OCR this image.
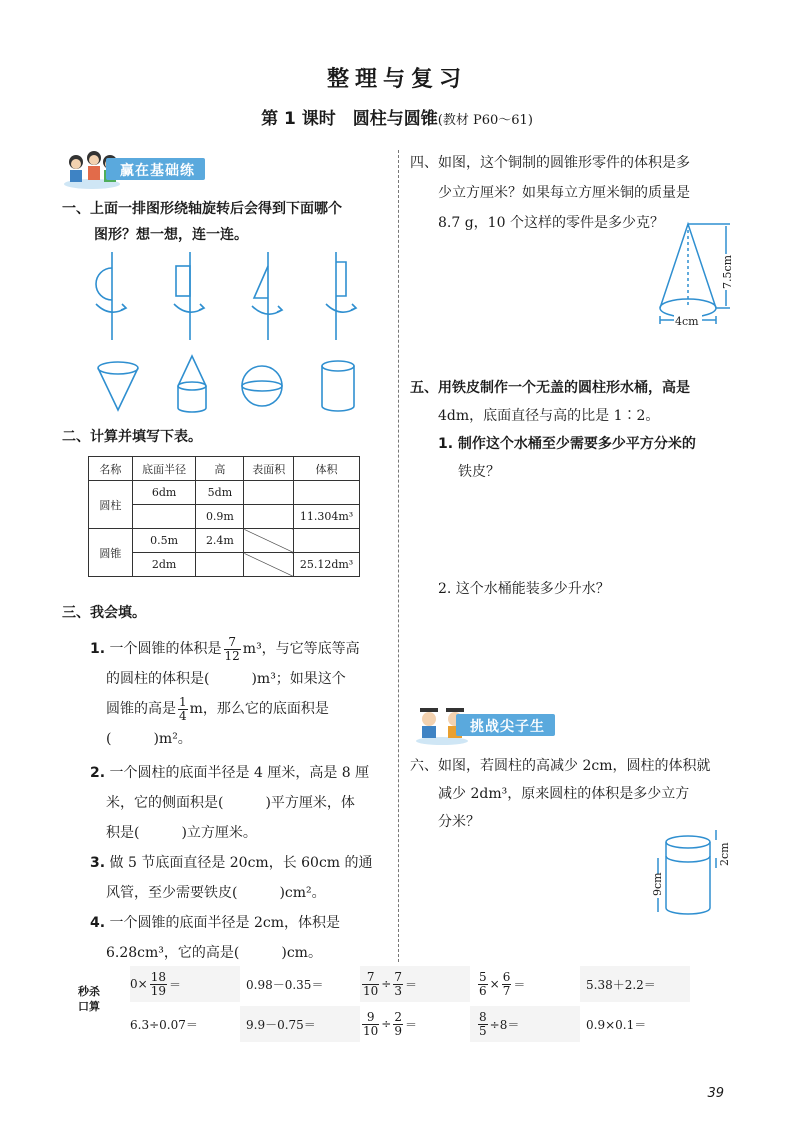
整理与复习
第 1 课时　圆柱与圆锥(教材 P60～61)
赢在基础练
一、上面一排图形绕轴旋转后会得到下面哪个
图形？想一想，连一连。
二、计算并填写下表。
名称	底面半径	高	表面积	体积
圆柱	6dm	5dm		
		0.9m		11.304m³
圆锥	0.5m	2.4m		
	2dm			25.12dm³
三、我会填。
1. 一个圆锥的体积是 $\frac{7}{12} m^3$，与它等底等高
的圆柱的体积是(　　　)m³；如果这个
圆锥的高是 $\frac{1}{4}$ m，那么它的底面积是
(　　　)m²。
2. 一个圆柱的底面半径是 4 厘米，高是 8 厘
米，它的侧面积是(　　　)平方厘米，体
积是(　　　)立方厘米。
3. 做 5 节底面直径是 20cm，长 60cm 的通
风管，至少需要铁皮(　　　)cm²。
4. 一个圆锥的底面半径是 2cm，体积是
6.28cm³，它的高是(　　　)cm。
四、如图，这个铜制的圆锥形零件的体积是多
少立方厘米？如果每立方厘米铜的质量是
8.7 g，10 个这样的零件是多少克？
7.5cm
4cm
五、用铁皮制作一个无盖的圆柱形水桶，高是
4dm，底面直径与高的比是 1∶2。
1. 制作这个水桶至少需要多少平方分米的
铁皮？
2. 这个水桶能装多少升水？
挑战尖子生
六、如图，若圆柱的高减少 2cm，圆柱的体积就
减少 2dm³，原来圆柱的体积是多少立方
分米？
2cm
9cm
秒杀
口算
$0\times \frac{18}{19}$ ＝	0.98－0.35＝	$\frac{7}{10} \div \frac{7}{3}$ ＝	$\frac{5}{6} \times \frac{6}{7}$ ＝	5.38＋2.2＝
6.3÷0.07＝	9.9－0.75＝	$\frac{9}{10} \div \frac{2}{9}$ ＝	$\frac{8}{5} \div 8=$	0.9×0.1＝
39
